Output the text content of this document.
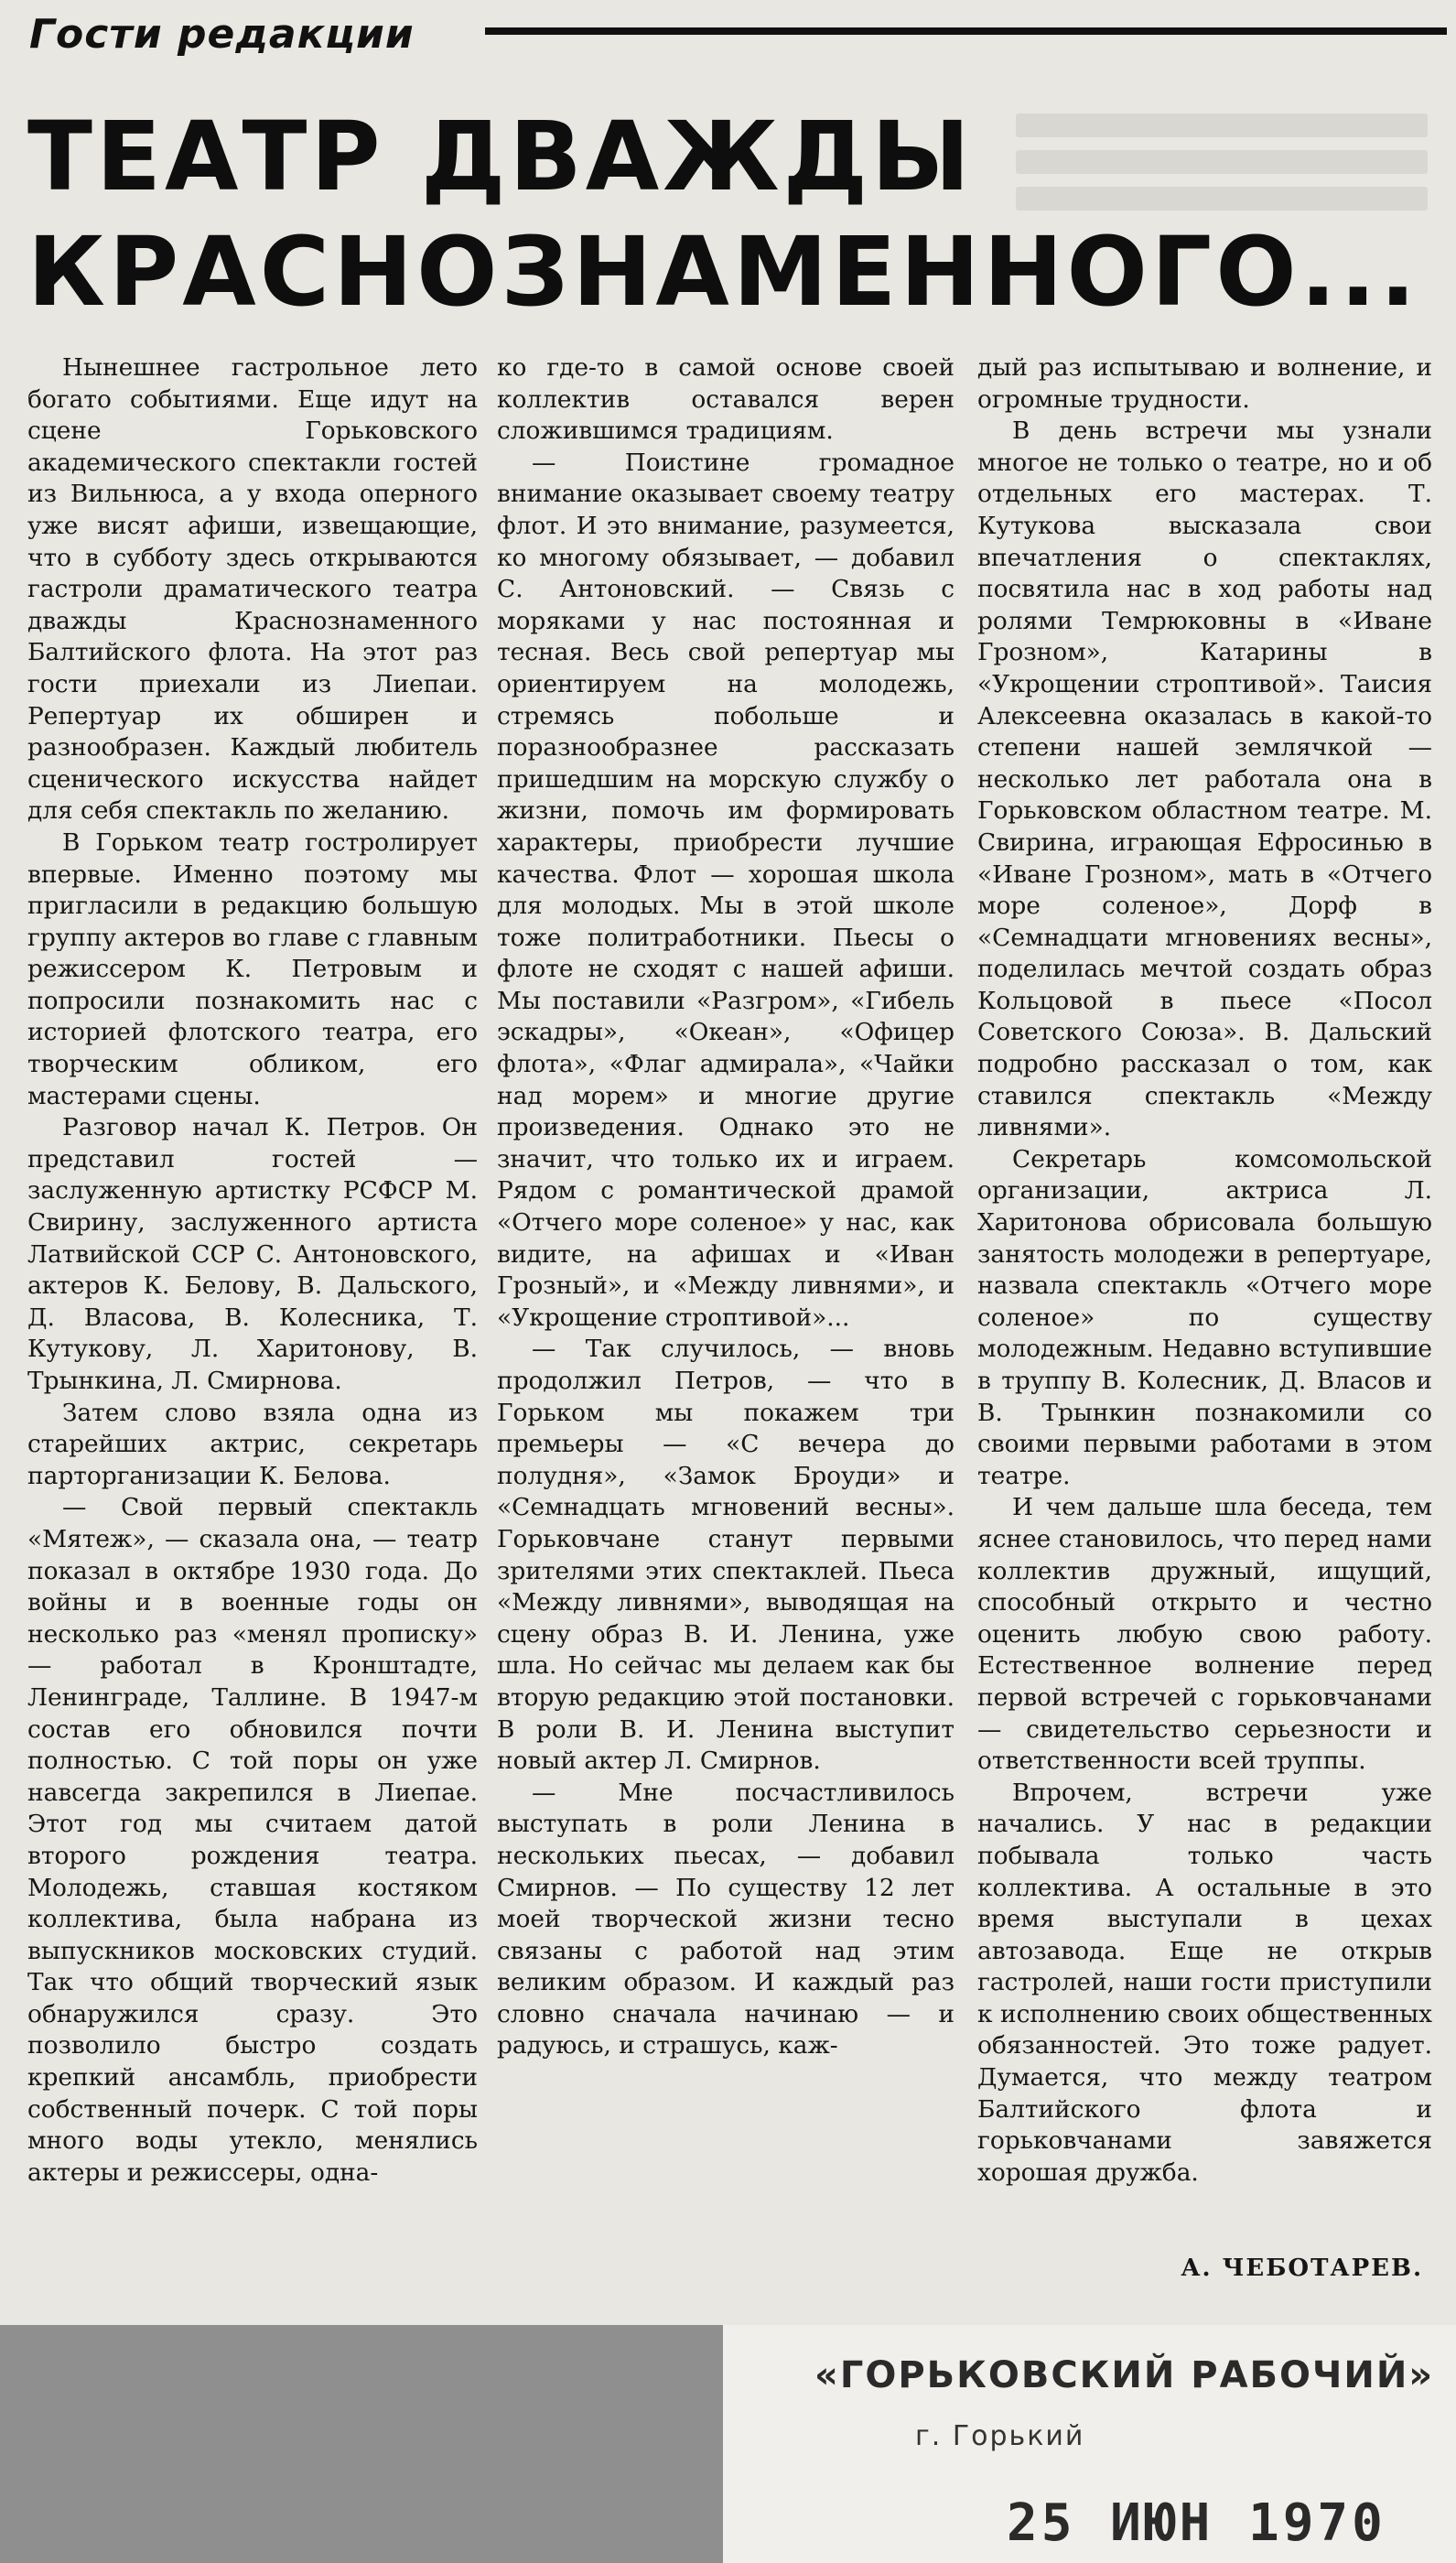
Гости редакции
ТЕАТР ДВАЖДЫ
КРАСНОЗНАМЕННОГО...

Нынешнее гастрольное лето богато событиями. Еще идут на сцене Горьковского академического спектакли гостей из Вильнюса, а у входа оперного уже висят афиши, извещающие, что в субботу здесь открываются гастроли драматического театра дважды Краснознаменного Балтийского флота. На этот раз гости приехали из Лиепаи. Репертуар их обширен и разнообразен. Каждый любитель сценического искусства найдет для себя спектакль по желанию.

В Горьком театр гостролирует впервые. Именно поэтому мы пригласили в редакцию большую группу актеров во главе с главным режиссером К. Петровым и попросили познакомить нас с историей флотского театра, его творческим обликом, его мастерами сцены.

Разговор начал К. Петров. Он представил гостей — заслуженную артистку РСФСР М. Свирину, заслуженного артиста Латвийской ССР С. Антоновского, актеров К. Белову, В. Дальского, Д. Власова, В. Колесника, Т. Кутукову, Л. Харитонову, В. Трынкина, Л. Смирнова.

Затем слово взяла одна из старейших актрис, секретарь парторганизации К. Белова.

— Свой первый спектакль «Мятеж», — сказала она, — театр показал в октябре 1930 года. До войны и в военные годы он несколько раз «менял прописку» — работал в Кронштадте, Ленинграде, Таллине. В 1947-м состав его обновился почти полностью. С той поры он уже навсегда закрепился в Лиепае. Этот год мы считаем датой второго рождения театра. Молодежь, ставшая костяком коллектива, была набрана из выпускников московских студий. Так что общий творческий язык обнаружился сразу. Это позволило быстро создать крепкий ансамбль, приобрести собственный почерк. С той поры много воды утекло, менялись актеры и режиссеры, одна-

ко где-то в самой основе своей коллектив оставался верен сложившимся традициям.

— Поистине громадное внимание оказывает своему театру флот. И это внимание, разумеется, ко многому обязывает, — добавил С. Антоновский. — Связь с моряками у нас постоянная и тесная. Весь свой репертуар мы ориентируем на молодежь, стремясь побольше и поразнообразнее рассказать пришедшим на морскую службу о жизни, помочь им формировать характеры, приобрести лучшие качества. Флот — хорошая школа для молодых. Мы в этой школе тоже политработники. Пьесы о флоте не сходят с нашей афиши. Мы поставили «Разгром», «Гибель эскадры», «Океан», «Офицер флота», «Флаг адмирала», «Чайки над морем» и многие другие произведения. Однако это не значит, что только их и играем. Рядом с романтической драмой «Отчего море соленое» у нас, как видите, на афишах и «Иван Грозный», и «Между ливнями», и «Укрощение строптивой»...

— Так случилось, — вновь продолжил Петров, — что в Горьком мы покажем три премьеры — «С вечера до полудня», «Замок Броуди» и «Семнадцать мгновений весны». Горьковчане станут первыми зрителями этих спектаклей. Пьеса «Между ливнями», выводящая на сцену образ В. И. Ленина, уже шла. Но сейчас мы делаем как бы вторую редакцию этой постановки. В роли В. И. Ленина выступит новый актер Л. Смирнов.

— Мне посчастливилось выступать в роли Ленина в нескольких пьесах, — добавил Смирнов. — По существу 12 лет моей творческой жизни тесно связаны с работой над этим великим образом. И каждый раз словно сначала начинаю — и радуюсь, и страшусь, каж-

дый раз испытываю и волнение, и огромные трудности.

В день встречи мы узнали многое не только о театре, но и об отдельных его мастерах. Т. Кутукова высказала свои впечатления о спектаклях, посвятила нас в ход работы над ролями Темрюковны в «Иване Грозном», Катарины в «Укрощении строптивой». Таисия Алексеевна оказалась в какой-то степени нашей землячкой — несколько лет работала она в Горьковском областном театре. М. Свирина, играющая Ефросинью в «Иване Грозном», мать в «Отчего море соленое», Дорф в «Семнадцати мгновениях весны», поделилась мечтой создать образ Кольцовой в пьесе «Посол Советского Союза». В. Дальский подробно рассказал о том, как ставился спектакль «Между ливнями».

Секретарь комсомольской организации, актриса Л. Харитонова обрисовала большую занятость молодежи в репертуаре, назвала спектакль «Отчего море соленое» по существу молодежным. Недавно вступившие в труппу В. Колесник, Д. Власов и В. Трынкин познакомили со своими первыми работами в этом театре.

И чем дальше шла беседа, тем яснее становилось, что перед нами коллектив дружный, ищущий, способный открыто и честно оценить любую свою работу. Естественное волнение перед первой встречей с горьковчанами — свидетельство серьезности и ответственности всей труппы.

Впрочем, встречи уже начались. У нас в редакции побывала только часть коллектива. А остальные в это время выступали в цехах автозавода. Еще не открыв гастролей, наши гости приступили к исполнению своих общественных обязанностей. Это тоже радует. Думается, что между театром Балтийского флота и горьковчанами завяжется хорошая дружба.

А. ЧЕБОТАРЕВ.
«ГОРЬКОВСКИЙ РАБОЧИЙ»
г. Горький
25 ИЮН 1970
